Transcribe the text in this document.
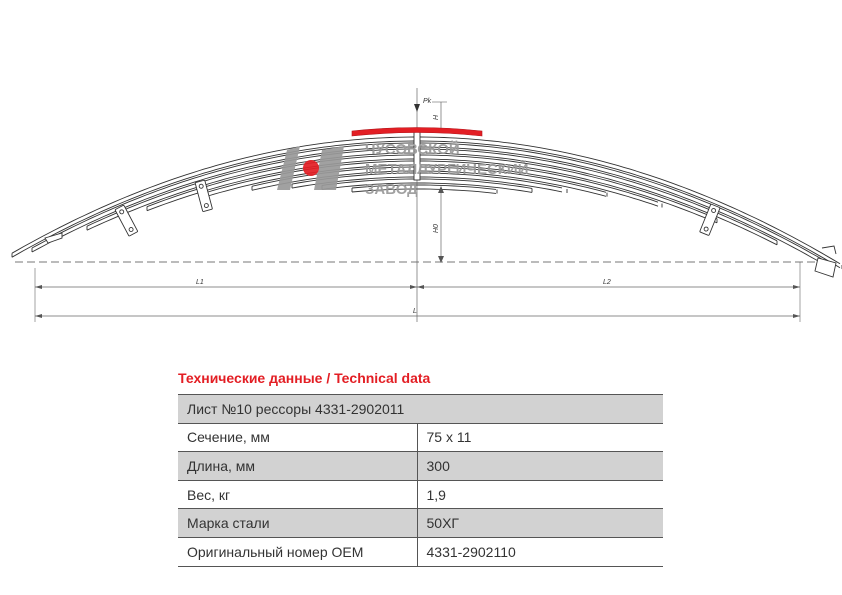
Pk
H
H0
L1	L2
L
ЧУСОВСКОЙ
МЕТАЛЛУРГИЧЕСКИЙ
ЗАВОД
Технические данные / Technical data
Лист №10 рессоры 4331-2902011	
Сечение, мм	75 х 11
Длина, мм	300
Вес, кг	1,9
Марка стали	50ХГ
Оригинальный номер OEM	4331-2902110
